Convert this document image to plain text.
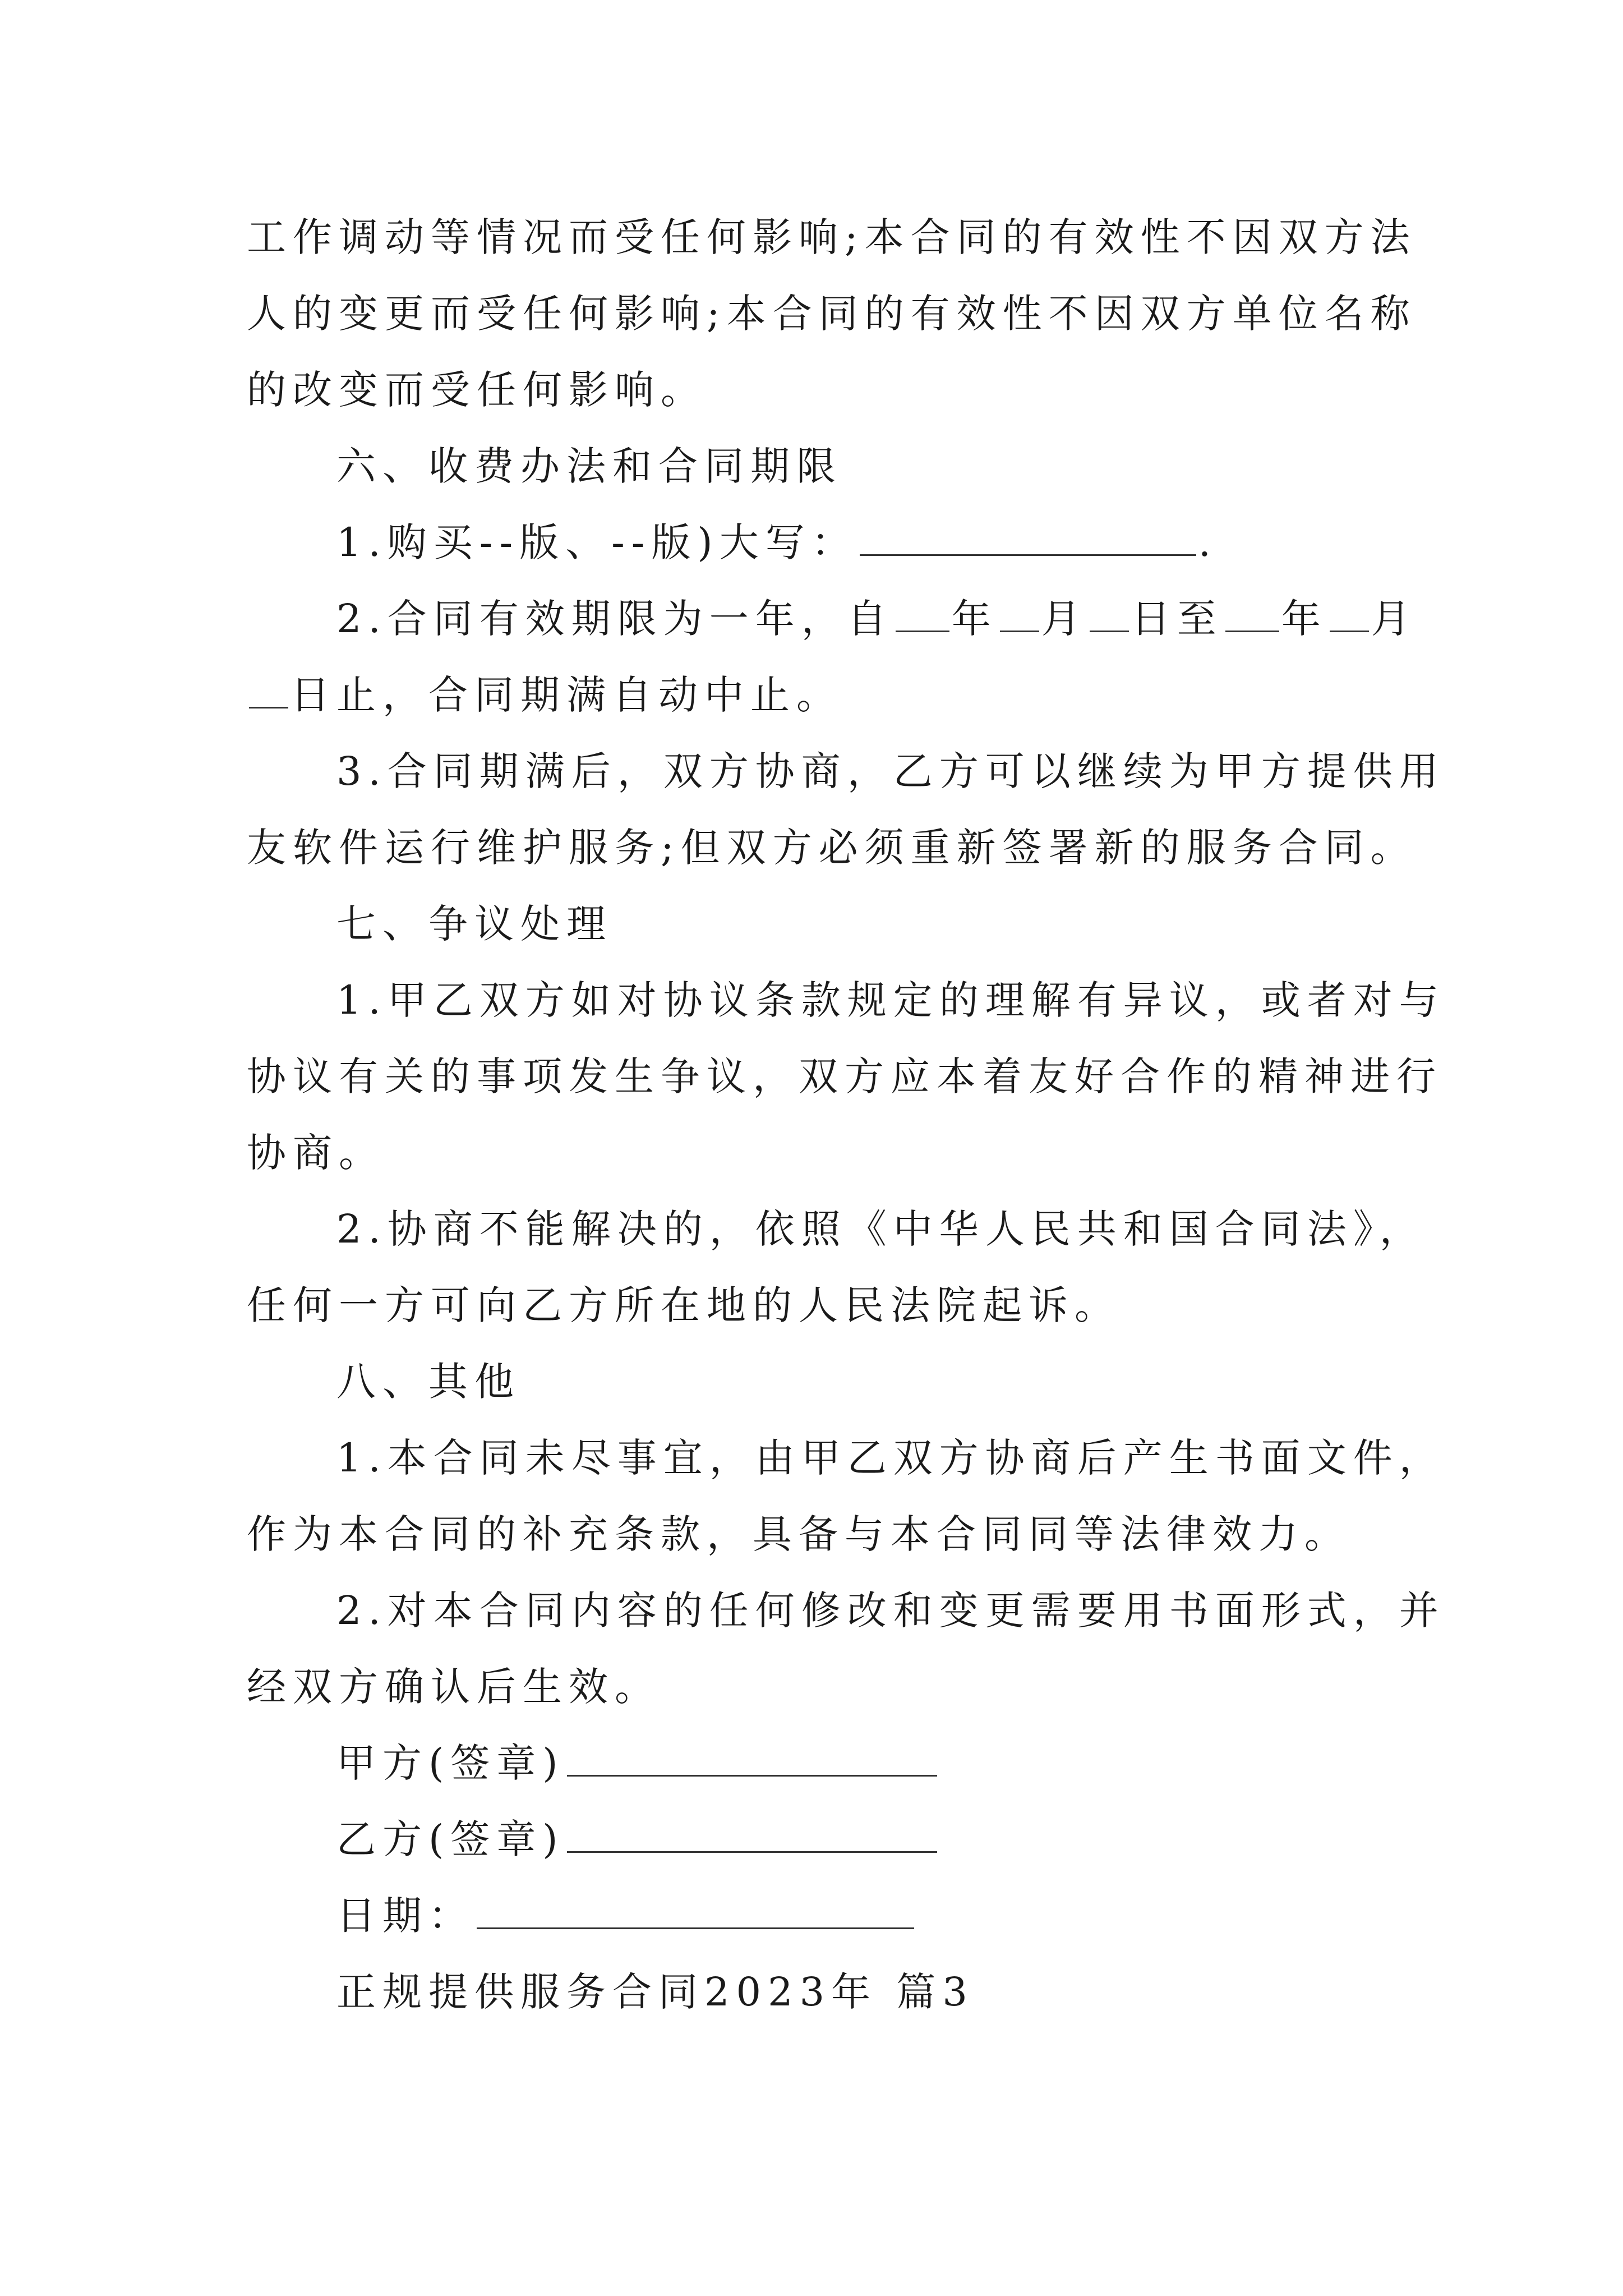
工作调动等情况而受任何影响;本合同的有效性不因双方法
人的变更而受任何影响;本合同的有效性不因双方单位名称
的改变而受任何影响。
六、收费办法和合同期限
1.购买--版、--版)大写：	.
2.合同有效期限为一年，自 年 月 日至 年 月
日止，合同期满自动中止。
3.合同期满后，双方协商，乙方可以继续为甲方提供用
友软件运行维护服务;但双方必须重新签署新的服务合同。
七、争议处理
1.甲乙双方如对协议条款规定的理解有异议，或者对与
协议有关的事项发生争议，双方应本着友好合作的精神进行
协商。
2.协商不能解决的，依照《中华人民共和国合同法》，
任何一方可向乙方所在地的人民法院起诉。
八、其他
1.本合同未尽事宜，由甲乙双方协商后产生书面文件，
作为本合同的补充条款，具备与本合同同等法律效力。
2.对本合同内容的任何修改和变更需要用书面形式，并
经双方确认后生效。
甲方(签章)
乙方(签章)
日期：
正规提供服务合同2023年 篇3
